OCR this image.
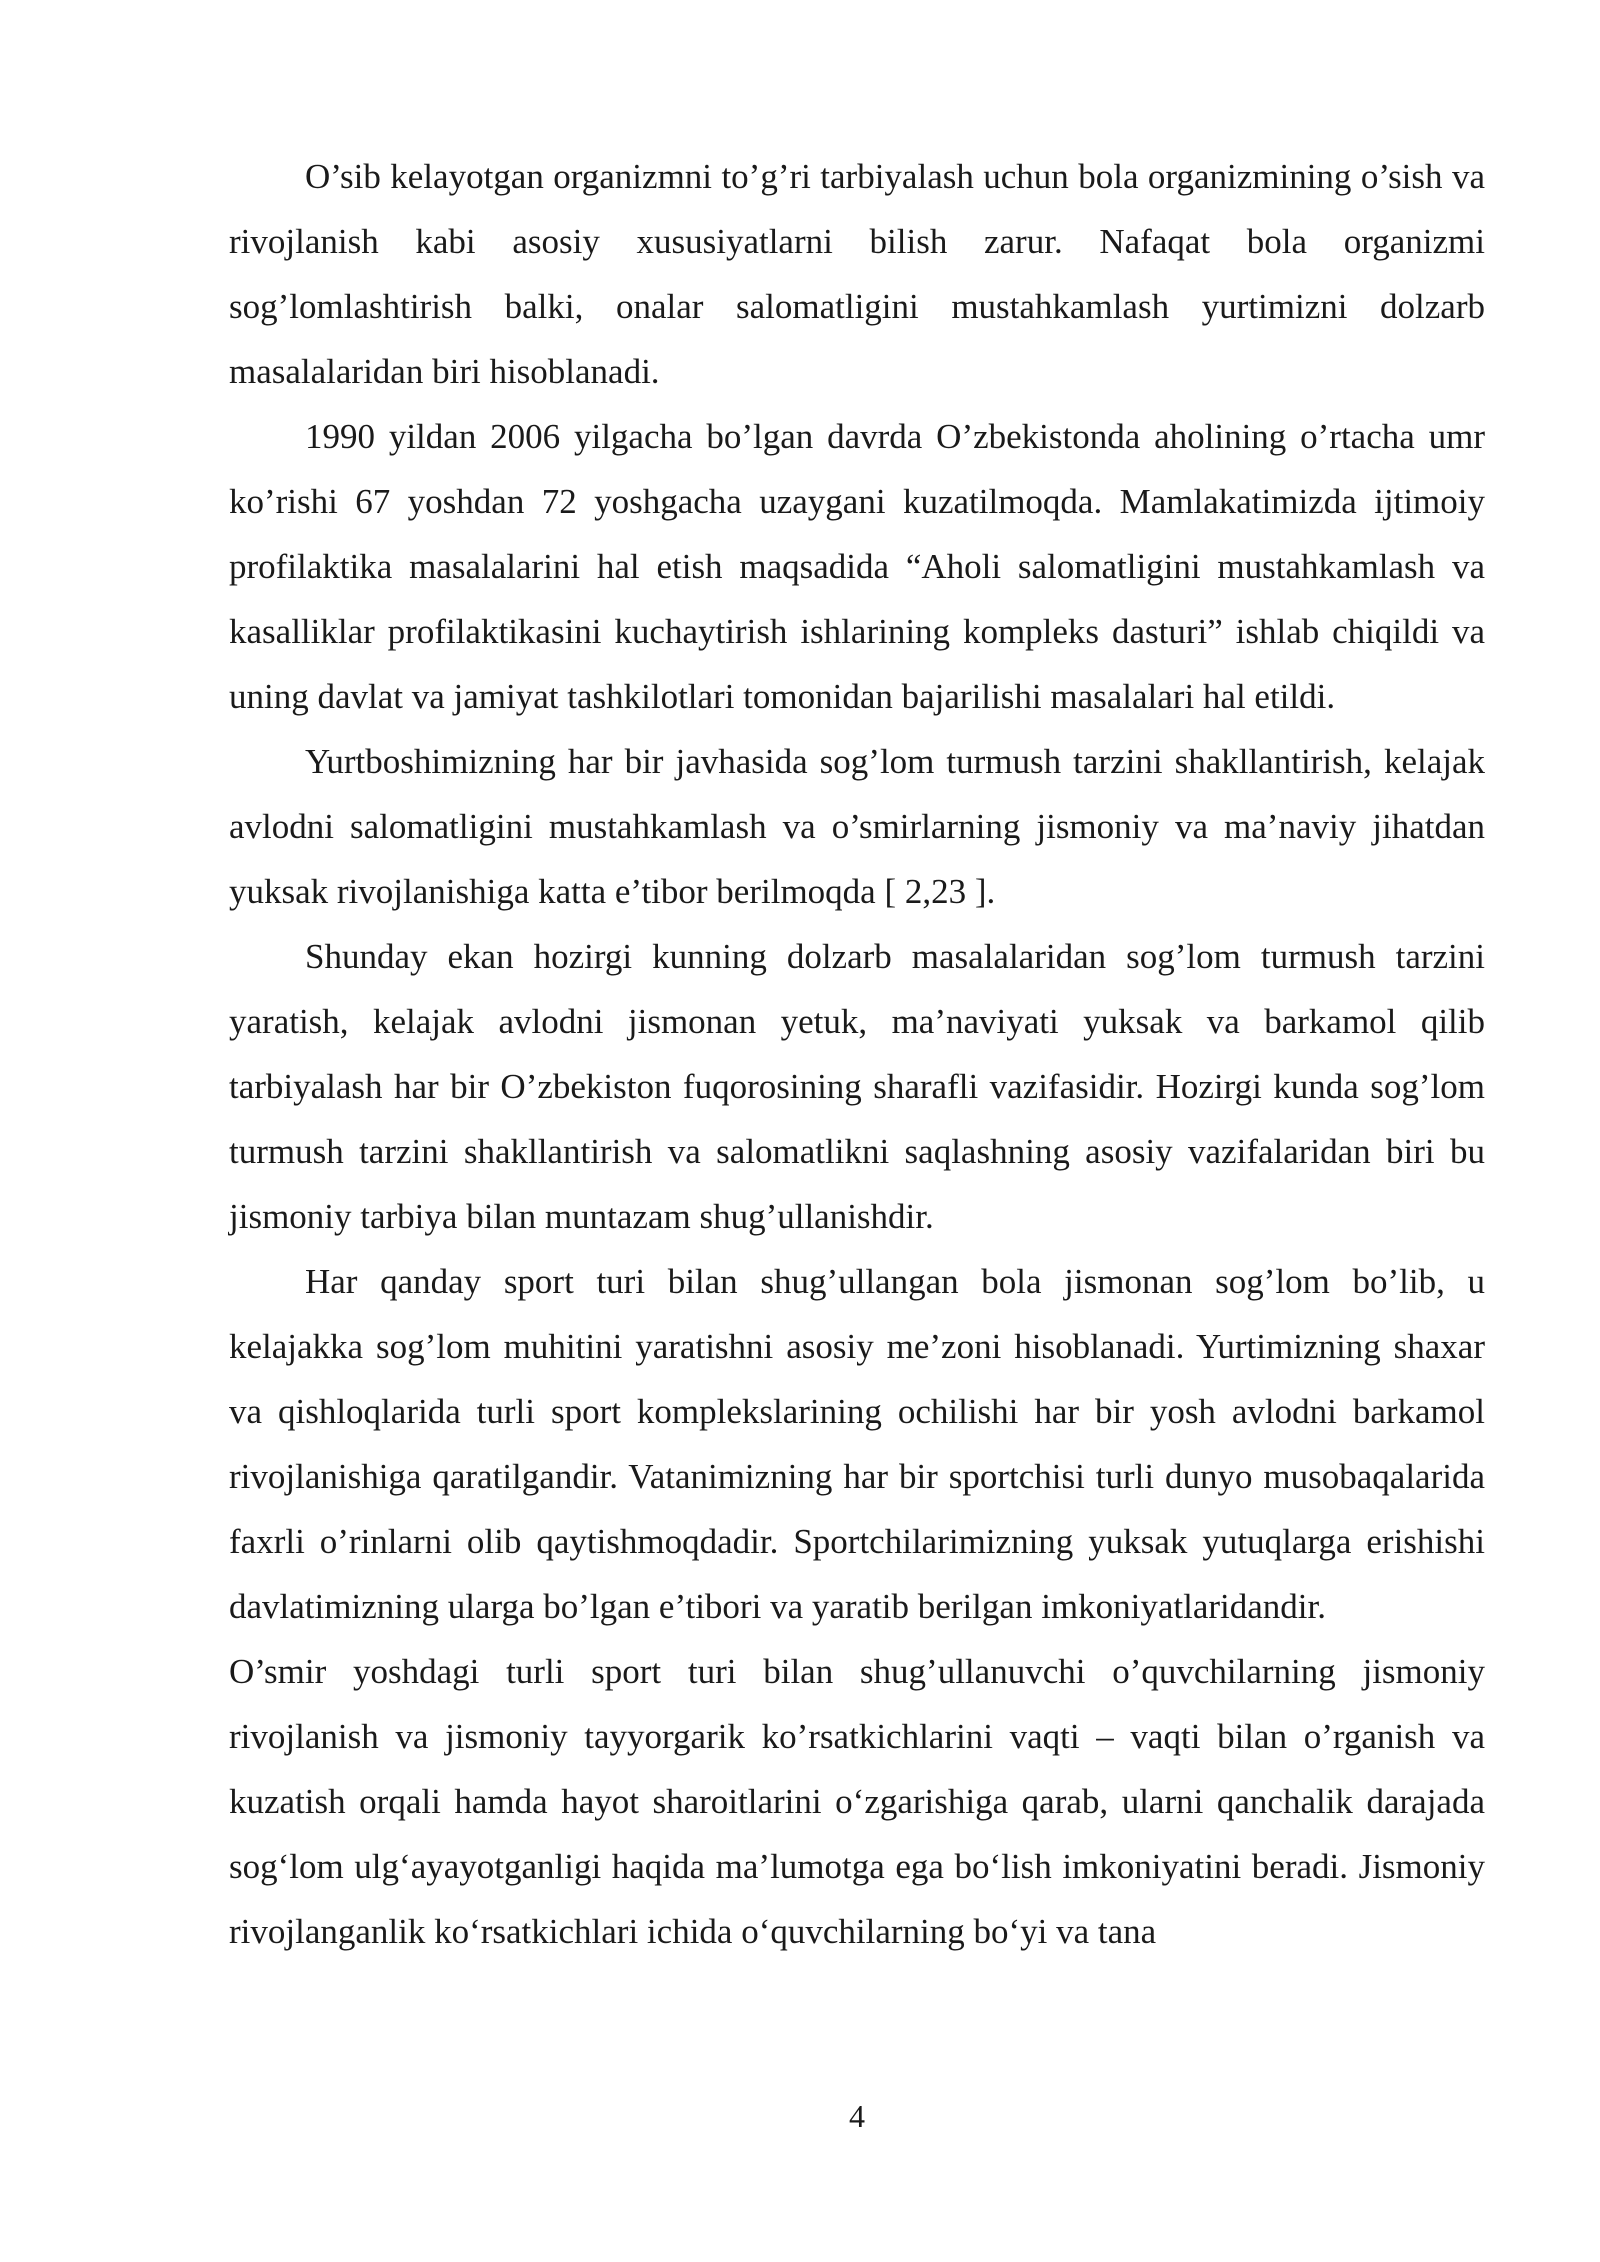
O’sib kelayotgan organizmni to’g’ri tarbiyalash uchun bola organizmining o’sish va rivojlanish kabi asosiy xususiyatlarni bilish zarur. Nafaqat bola organizmi sog’lomlashtirish balki, onalar salomatligini mustahkamlash yurtimizni dolzarb masalalaridan biri hisoblanadi.

1990 yildan 2006 yilgacha bo’lgan davrda O’zbekistonda aholining o’rtacha umr ko’rishi 67 yoshdan 72 yoshgacha uzaygani kuzatilmoqda. Mamlakatimizda ijtimoiy profilaktika masalalarini hal etish maqsadida “Aholi salomatligini mustahkamlash va kasalliklar profilaktikasini kuchaytirish ishlarining kompleks dasturi” ishlab chiqildi va uning davlat va jamiyat tashkilotlari tomonidan bajarilishi masalalari hal etildi.

Yurtboshimizning har bir javhasida sog’lom turmush tarzini shakllantirish, kelajak avlodni salomatligini mustahkamlash va o’smirlarning jismoniy va ma’naviy jihatdan yuksak rivojlanishiga katta e’tibor berilmoqda [ 2,23 ].

Shunday ekan hozirgi kunning dolzarb masalalaridan sog’lom turmush tarzini yaratish, kelajak avlodni jismonan yetuk, ma’naviyati yuksak va barkamol qilib tarbiyalash har bir O’zbekiston fuqorosining sharafli vazifasidir. Hozirgi kunda sog’lom turmush tarzini shakllantirish va salomatlikni saqlashning asosiy vazifalaridan biri bu jismoniy tarbiya bilan muntazam shug’ullanishdir.

Har qanday sport turi bilan shug’ullangan bola jismonan sog’lom bo’lib, u kelajakka sog’lom muhitini yaratishni asosiy me’zoni hisoblanadi. Yurtimizning shaxar va qishloqlarida turli sport komplekslarining ochilishi har bir yosh avlodni barkamol rivojlanishiga qaratilgandir. Vatanimizning har bir sportchisi turli dunyo musobaqalarida faxrli o’rinlarni olib qaytishmoqdadir. Sportchilarimizning yuksak yutuqlarga erishishi davlatimizning ularga bo’lgan e’tibori va yaratib berilgan imkoniyatlaridandir.

O’smir yoshdagi turli sport turi bilan shug’ullanuvchi o’quvchilarning jismoniy rivojlanish va jismoniy tayyorgarik ko’rsatkichlarini vaqti – vaqti bilan o’rganish va kuzatish orqali hamda hayot sharoitlarini o‘zgarishiga qarab, ularni qanchalik darajada sog‘lom ulg‘ayayotganligi haqida ma’lumotga ega bo‘lish imkoniyatini beradi. Jismoniy rivojlanganlik ko‘rsatkichlari ichida o‘quvchilarning bo‘yi va tana

4
